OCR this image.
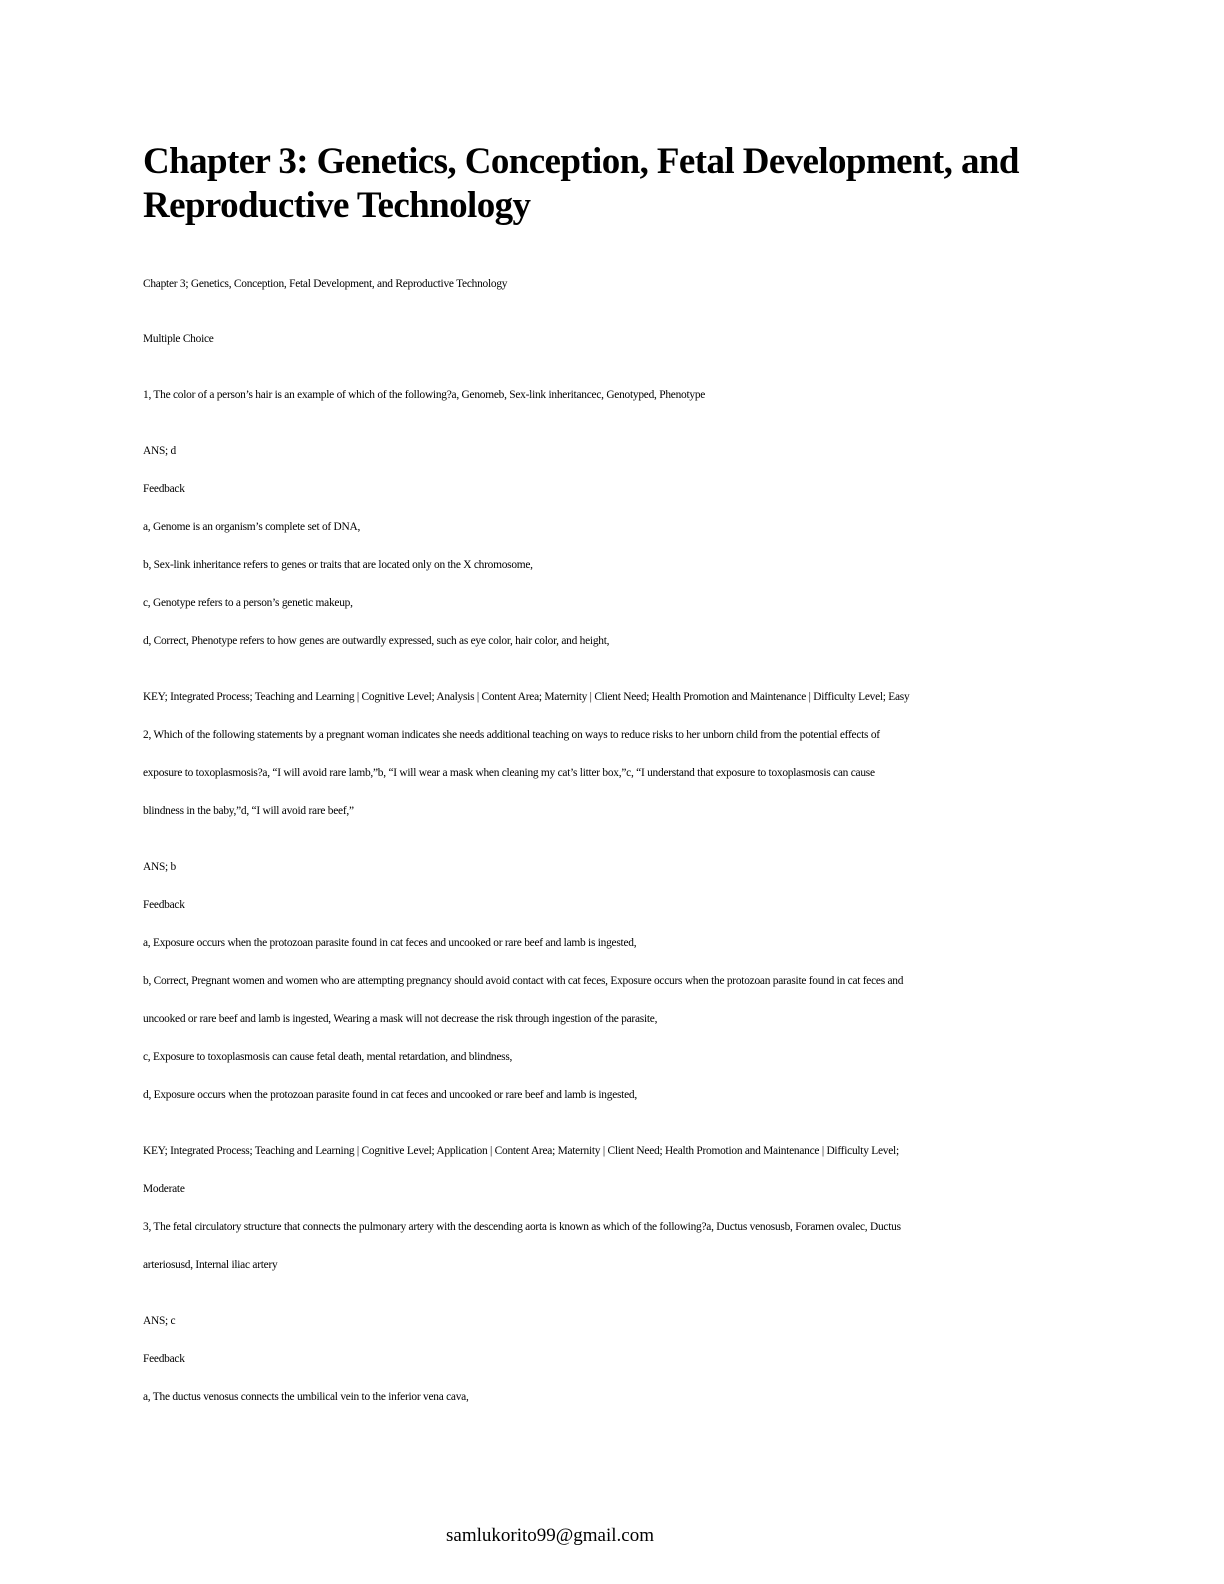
Chapter 3: Genetics, Conception, Fetal Development, and Reproductive Technology

Chapter 3; Genetics, Conception, Fetal Development, and Reproductive Technology

Multiple Choice

1, The color of a person’s hair is an example of which of the following?a, Genomeb, Sex-link inheritancec, Genotyped, Phenotype

ANS; d

Feedback

a, Genome is an organism’s complete set of DNA,

b, Sex-link inheritance refers to genes or traits that are located only on the X chromosome,

c, Genotype refers to a person’s genetic makeup,

d, Correct, Phenotype refers to how genes are outwardly expressed, such as eye color, hair color, and height,

KEY; Integrated Process; Teaching and Learning | Cognitive Level; Analysis | Content Area; Maternity | Client Need; Health Promotion and Maintenance | Difficulty Level; Easy

2, Which of the following statements by a pregnant woman indicates she needs additional teaching on ways to reduce risks to her unborn child from the potential effects of

exposure to toxoplasmosis?a, “I will avoid rare lamb,”b, “I will wear a mask when cleaning my cat’s litter box,”c, “I understand that exposure to toxoplasmosis can cause

blindness in the baby,”d, “I will avoid rare beef,”

ANS; b

Feedback

a, Exposure occurs when the protozoan parasite found in cat feces and uncooked or rare beef and lamb is ingested,

b, Correct, Pregnant women and women who are attempting pregnancy should avoid contact with cat feces, Exposure occurs when the protozoan parasite found in cat feces and

uncooked or rare beef and lamb is ingested, Wearing a mask will not decrease the risk through ingestion of the parasite,

c, Exposure to toxoplasmosis can cause fetal death, mental retardation, and blindness,

d, Exposure occurs when the protozoan parasite found in cat feces and uncooked or rare beef and lamb is ingested,

KEY; Integrated Process; Teaching and Learning | Cognitive Level; Application | Content Area; Maternity | Client Need; Health Promotion and Maintenance | Difficulty Level;

Moderate

3, The fetal circulatory structure that connects the pulmonary artery with the descending aorta is known as which of the following?a, Ductus venosusb, Foramen ovalec, Ductus

arteriosusd, Internal iliac artery

ANS; c

Feedback

a, The ductus venosus connects the umbilical vein to the inferior vena cava,

samlukorito99@gmail.com
